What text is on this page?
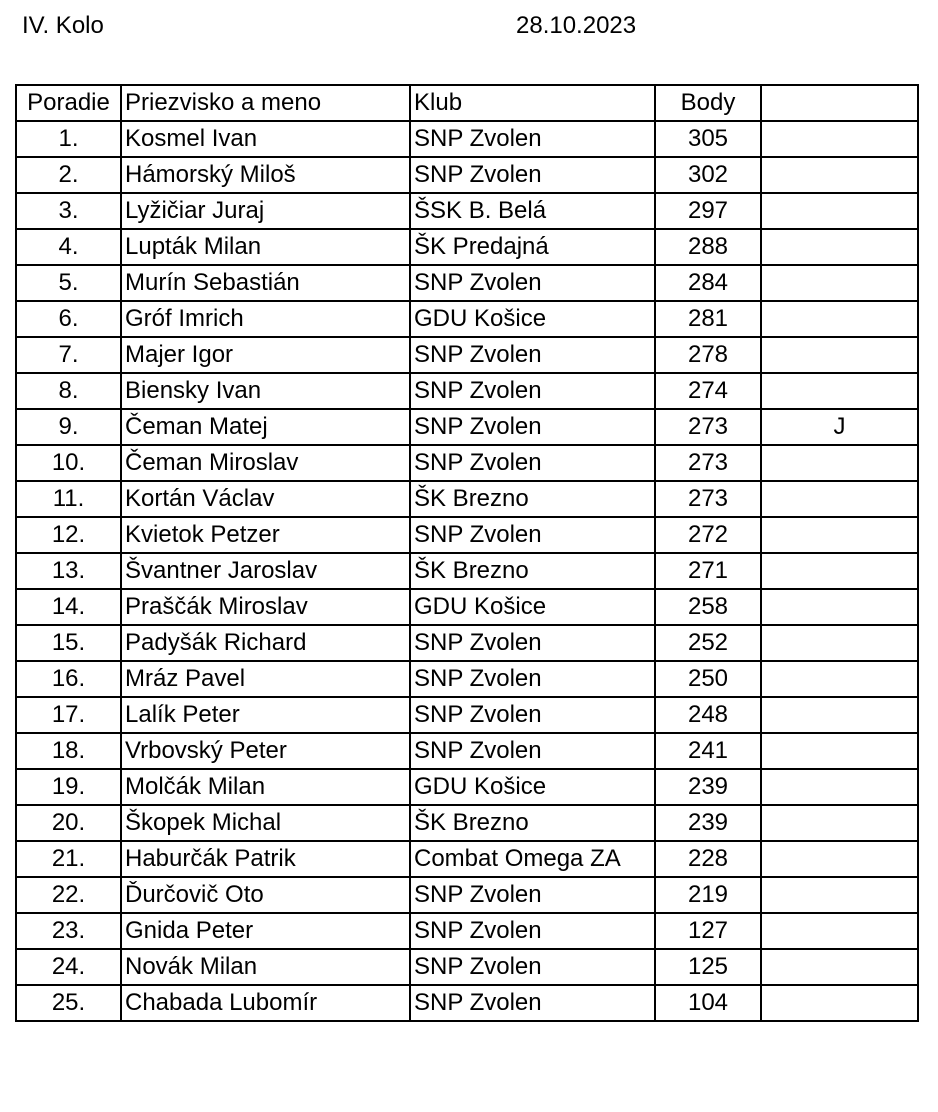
IV. Kolo	28.10.2023
Poradie	Priezvisko a meno	Klub	Body	
1.	Kosmel Ivan	SNP Zvolen	305	
2.	Hámorský Miloš	SNP Zvolen	302	
3.	Lyžičiar Juraj	ŠSK B. Belá	297	
4.	Lupták Milan	ŠK Predajná	288	
5.	Murín Sebastián	SNP Zvolen	284	
6.	Gróf Imrich	GDU Košice	281	
7.	Majer Igor	SNP Zvolen	278	
8.	Biensky Ivan	SNP Zvolen	274	
9.	Čeman Matej	SNP Zvolen	273	J
10.	Čeman Miroslav	SNP Zvolen	273	
11.	Kortán Václav	ŠK Brezno	273	
12.	Kvietok Petzer	SNP Zvolen	272	
13.	Švantner Jaroslav	ŠK Brezno	271	
14.	Praščák Miroslav	GDU Košice	258	
15.	Padyšák Richard	SNP Zvolen	252	
16.	Mráz Pavel	SNP Zvolen	250	
17.	Lalík Peter	SNP Zvolen	248	
18.	Vrbovský Peter	SNP Zvolen	241	
19.	Molčák Milan	GDU Košice	239	
20.	Škopek Michal	ŠK Brezno	239	
21.	Haburčák Patrik	Combat Omega ZA	228	
22.	Ďurčovič Oto	SNP Zvolen	219	
23.	Gnida Peter	SNP Zvolen	127	
24.	Novák Milan	SNP Zvolen	125	
25.	Chabada Lubomír	SNP Zvolen	104	
